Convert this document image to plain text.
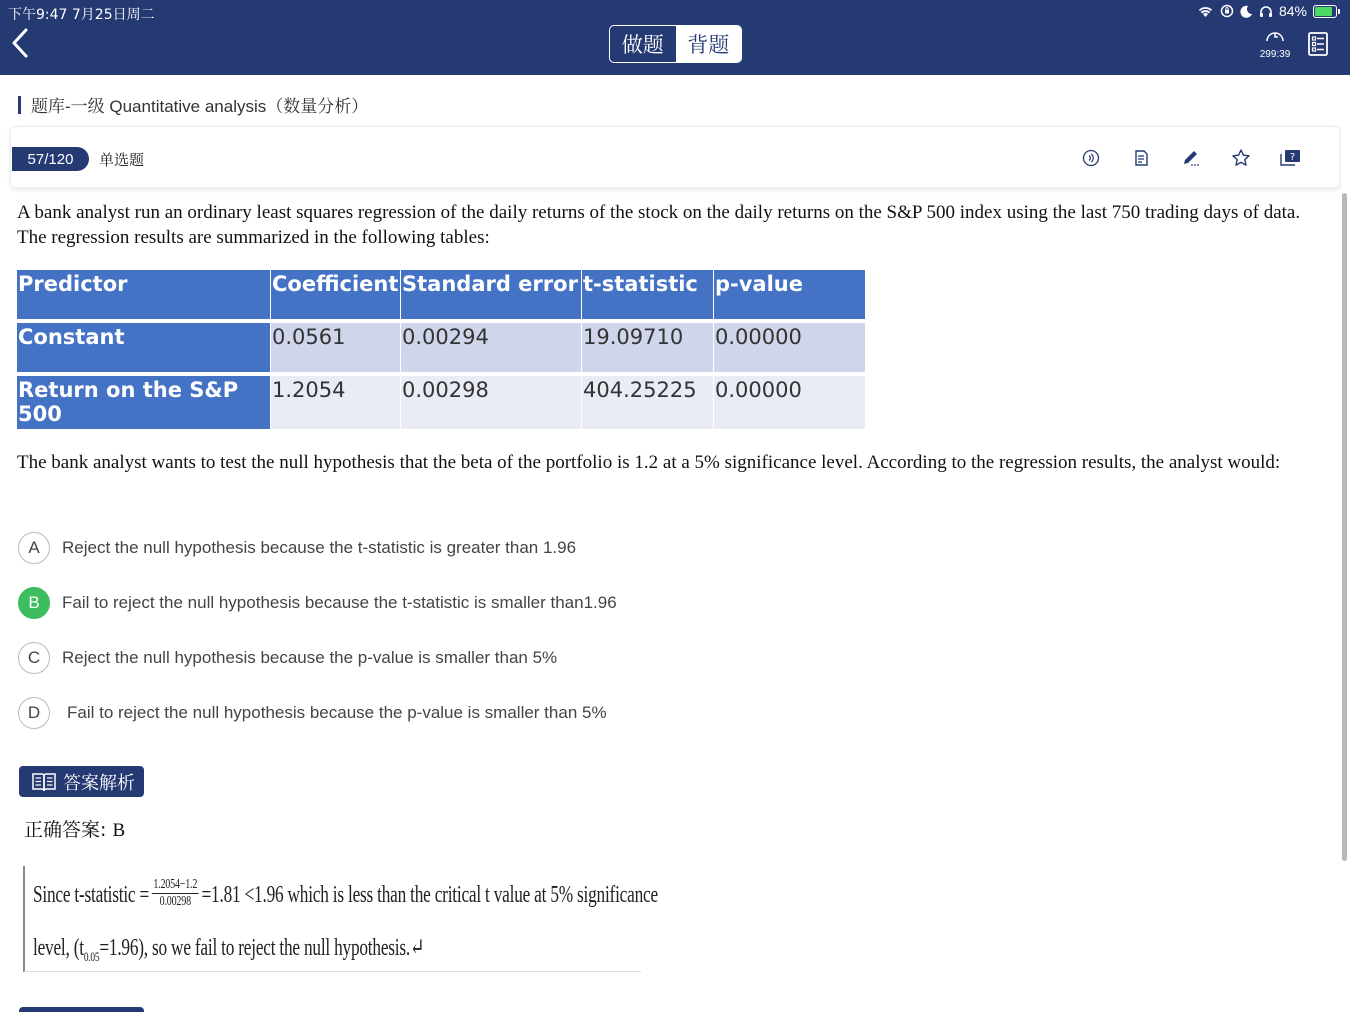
下午9:47 7月25日周二	84%
做题	背题	299:39
题库-一级 Quantitative analysis（数量分析）
57/120	单选题	?

A bank analyst run an ordinary least squares regression of the daily returns of the stock on the daily returns on the S&P 500 index using the last 750 trading days of data. The regression results are summarized in the following tables:

Predictor	Coefficient	Standard error	t-statistic	p-value
Constant	0.0561	0.00294	19.09710	0.00000
Return on the S&P 500	1.2054	0.00298	404.25225	0.00000

The bank analyst wants to test the null hypothesis that the beta of the portfolio is 1.2 at a 5% significance level. According to the regression results, the analyst would:

A	Reject the null hypothesis because the t-statistic is greater than 1.96
B	Fail to reject the null hypothesis because the t-statistic is smaller than1.96
C	Reject the null hypothesis because the p-value is smaller than 5%
D	Fail to reject the null hypothesis because the p-value is smaller than 5%
答案解析
正确答案: B
Since t-statistic = $\frac{1.2054-1.2}{0.00298} =1.81 <1.96$ which is less than the critical t value at 5% significance
level, $(t_{0.05}=1.96)$, so we fail to reject the null hypothesis.↵
